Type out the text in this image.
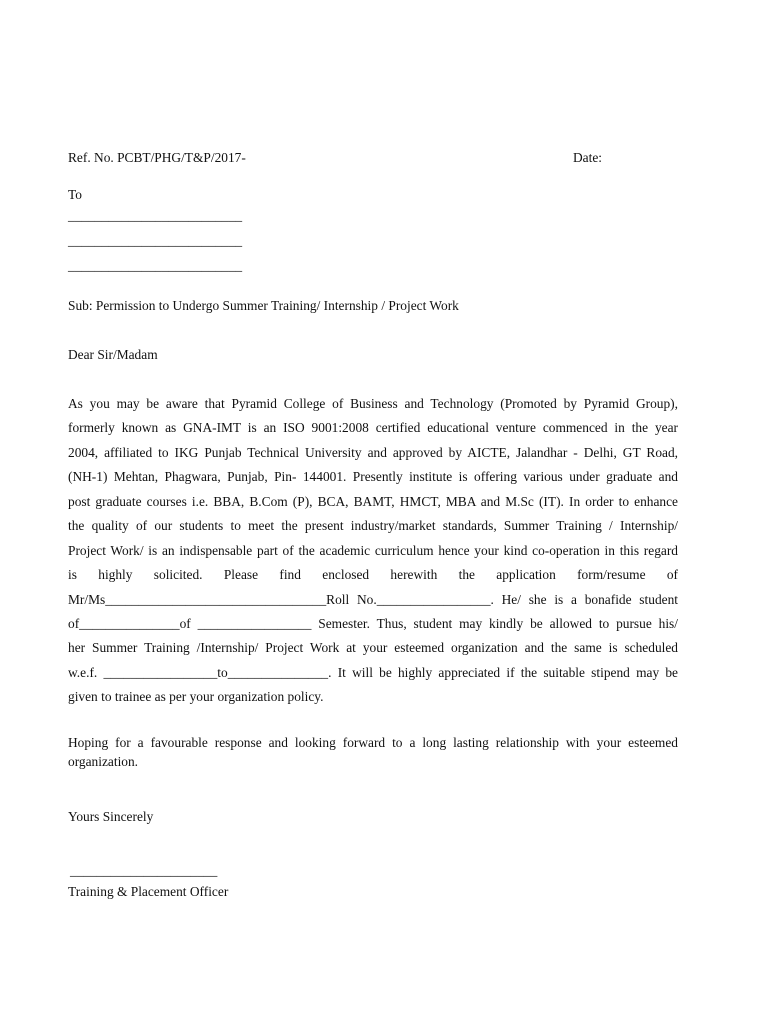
Ref. No. PCBT/PHG/T&P/2017-	Date:
To
__________________________
__________________________
__________________________
Sub: Permission to Undergo Summer Training/ Internship / Project Work
Dear Sir/Madam
As you may be aware that Pyramid College of Business and Technology (Promoted by Pyramid Group),
formerly known as GNA-IMT is an ISO 9001:2008 certified educational venture commenced in the year
2004, affiliated to IKG Punjab Technical University and approved by AICTE, Jalandhar - Delhi, GT Road,
(NH-1) Mehtan, Phagwara, Punjab, Pin- 144001. Presently institute is offering various under graduate and
post graduate courses i.e. BBA, B.Com (P), BCA, BAMT, HMCT, MBA and M.Sc (IT). In order to enhance
the quality of our students to meet the present industry/market standards, Summer Training / Internship/
Project Work/ is an indispensable part of the academic curriculum hence your kind co-operation in this regard
is highly solicited. Please find enclosed herewith the application form/resume of
Mr/Ms_________________________________Roll No._________________. He/ she is a bonafide student
of_______________of _________________ Semester. Thus, student may kindly be allowed to pursue his/
her Summer Training /Internship/ Project Work at your esteemed organization and the same is scheduled
w.e.f. _________________to_______________. It will be highly appreciated if the suitable stipend may be
given to trainee as per your organization policy.
Hoping for a favourable response and looking forward to a long lasting relationship with your esteemed
organization.
Yours Sincerely
______________________
Training & Placement Officer
